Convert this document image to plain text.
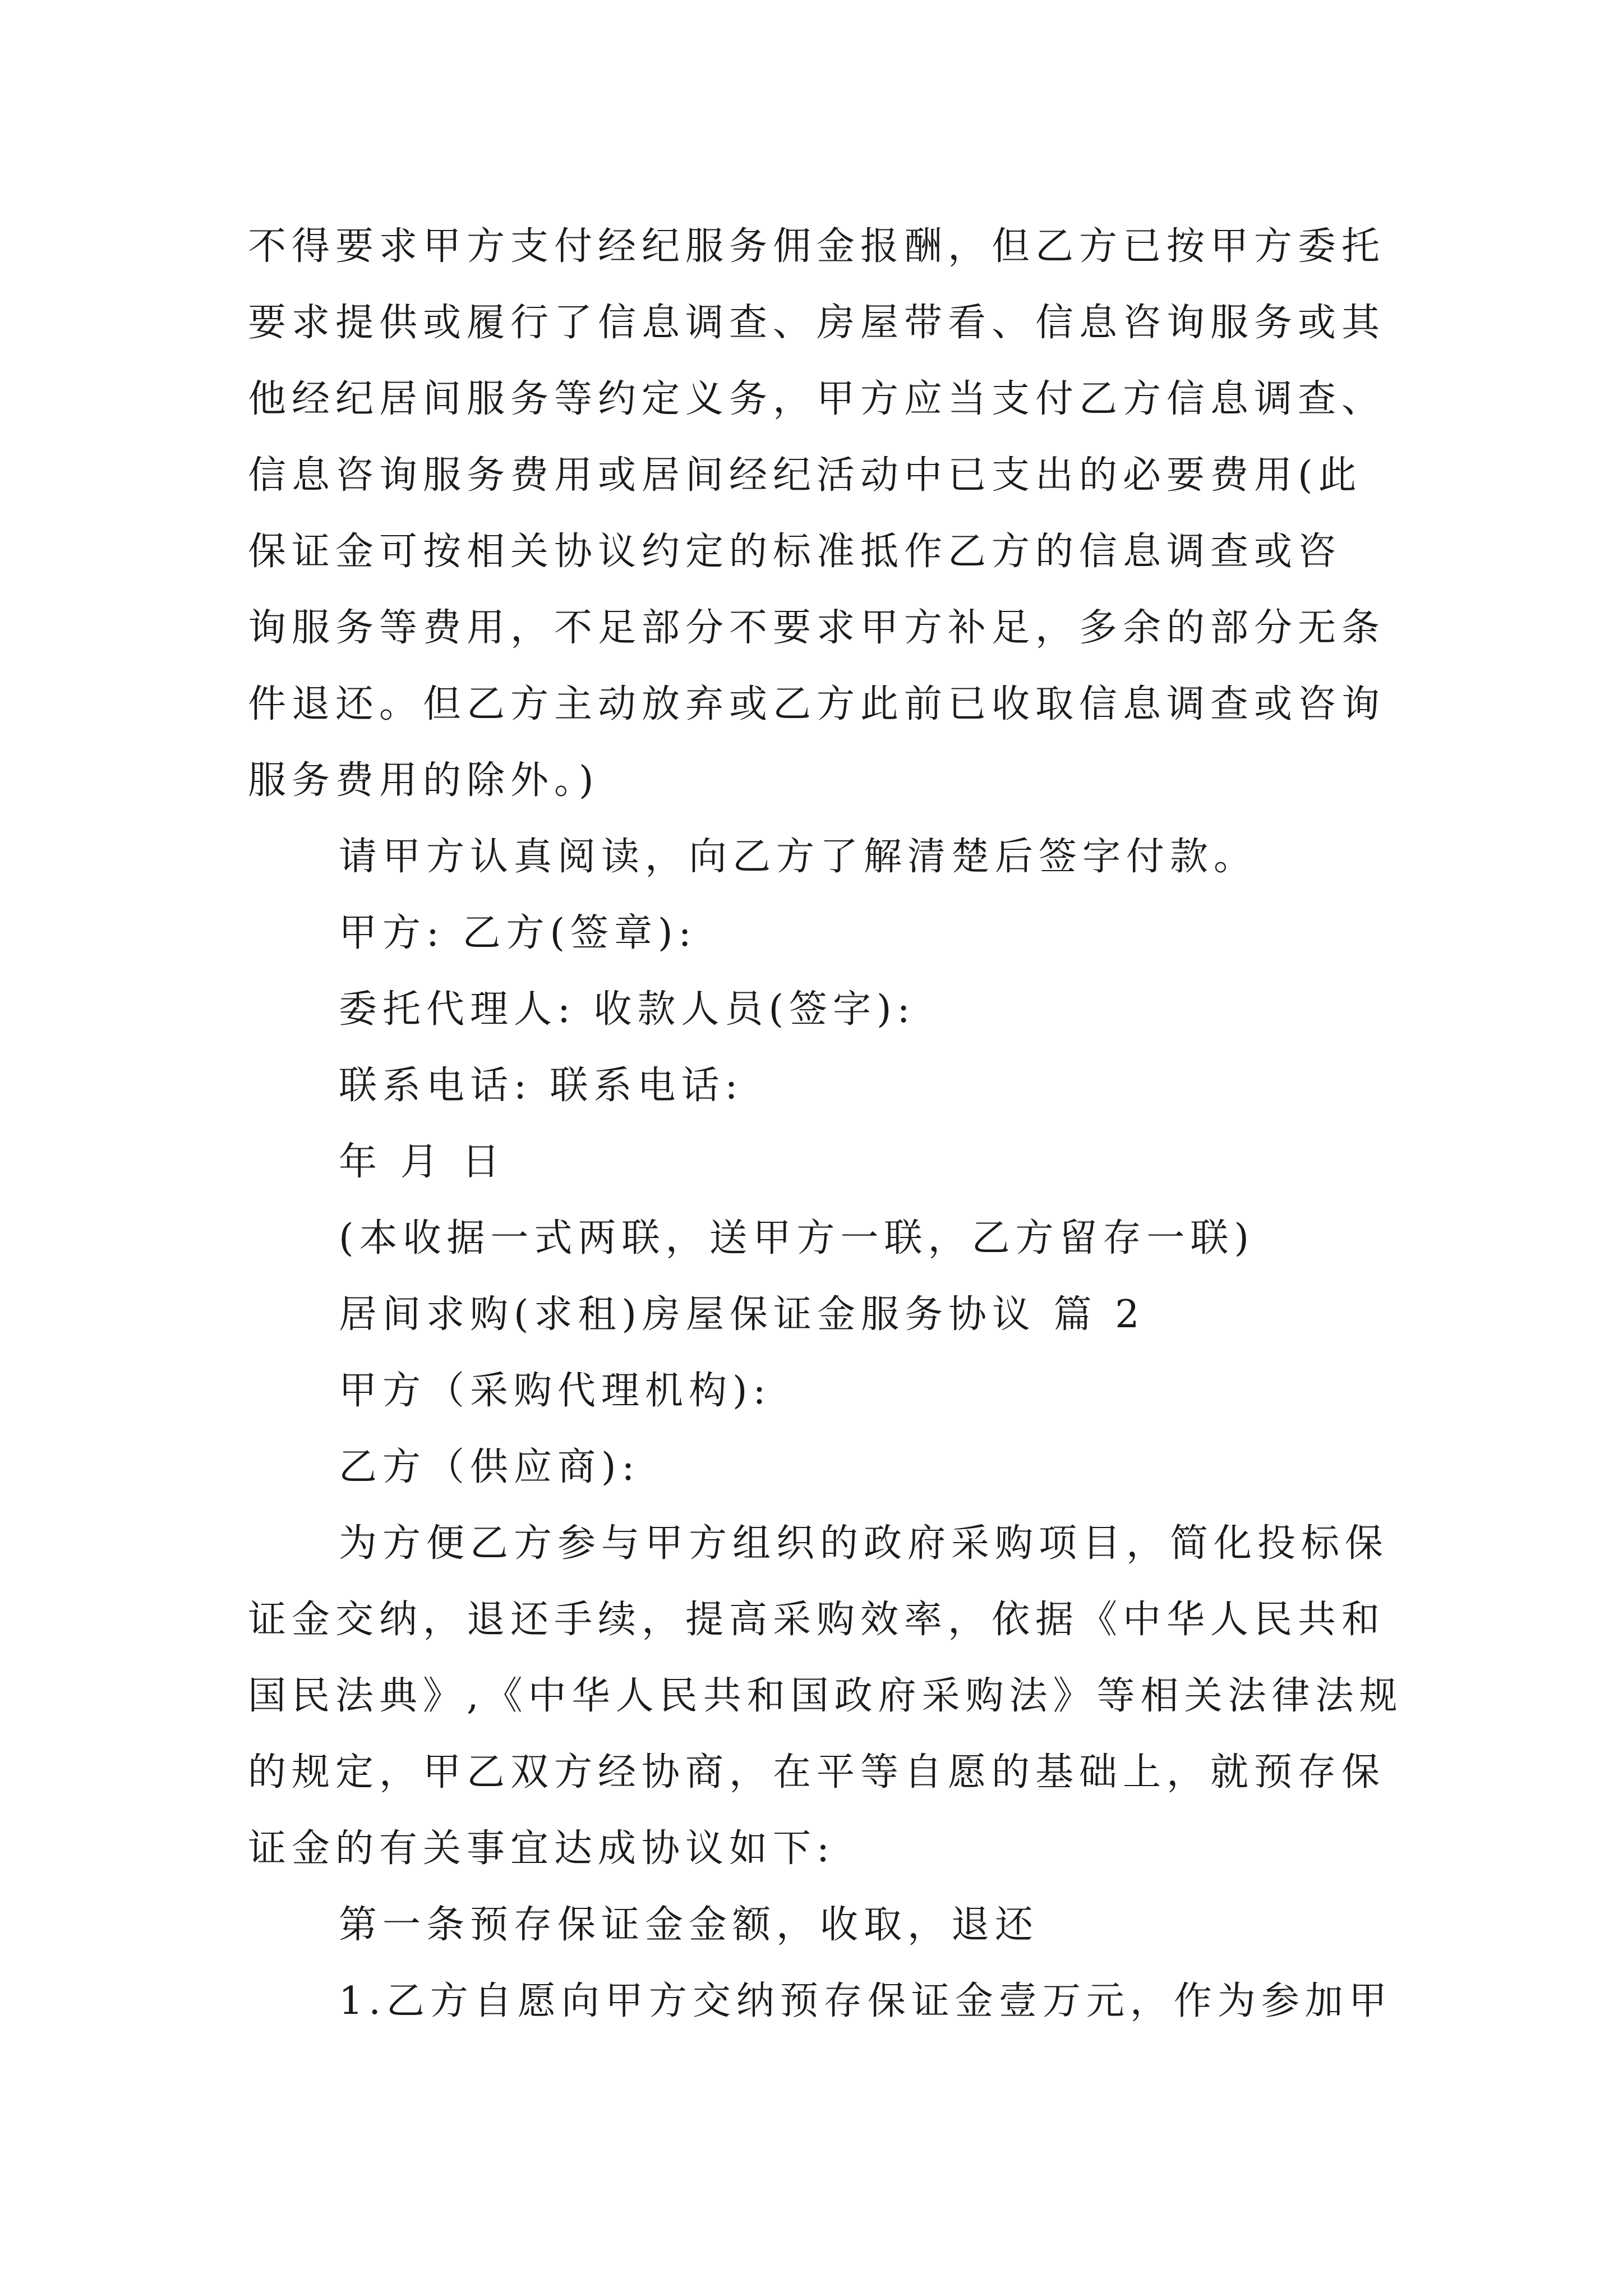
不得要求甲方支付经纪服务佣金报酬，但乙方已按甲方委托
要求提供或履行了信息调查、房屋带看、信息咨询服务或其
他经纪居间服务等约定义务，甲方应当支付乙方信息调查、
信息咨询服务费用或居间经纪活动中已支出的必要费用(此
保证金可按相关协议约定的标准抵作乙方的信息调查或咨
询服务等费用，不足部分不要求甲方补足，多余的部分无条
件退还。但乙方主动放弃或乙方此前已收取信息调查或咨询
服务费用的除外。)
请甲方认真阅读，向乙方了解清楚后签字付款。
甲方: 乙方(签章):
委托代理人: 收款人员(签字):
联系电话: 联系电话:
年 月 日
(本收据一式两联，送甲方一联，乙方留存一联)
居间求购(求租)房屋保证金服务协议 篇 2
甲方（采购代理机构):
乙方（供应商):
为方便乙方参与甲方组织的政府采购项目，简化投标保
证金交纳，退还手续，提高采购效率，依据《中华人民共和
国民法典》,《中华人民共和国政府采购法》等相关法律法规
的规定，甲乙双方经协商，在平等自愿的基础上，就预存保
证金的有关事宜达成协议如下:
第一条预存保证金金额，收取，退还
1.乙方自愿向甲方交纳预存保证金壹万元，作为参加甲
